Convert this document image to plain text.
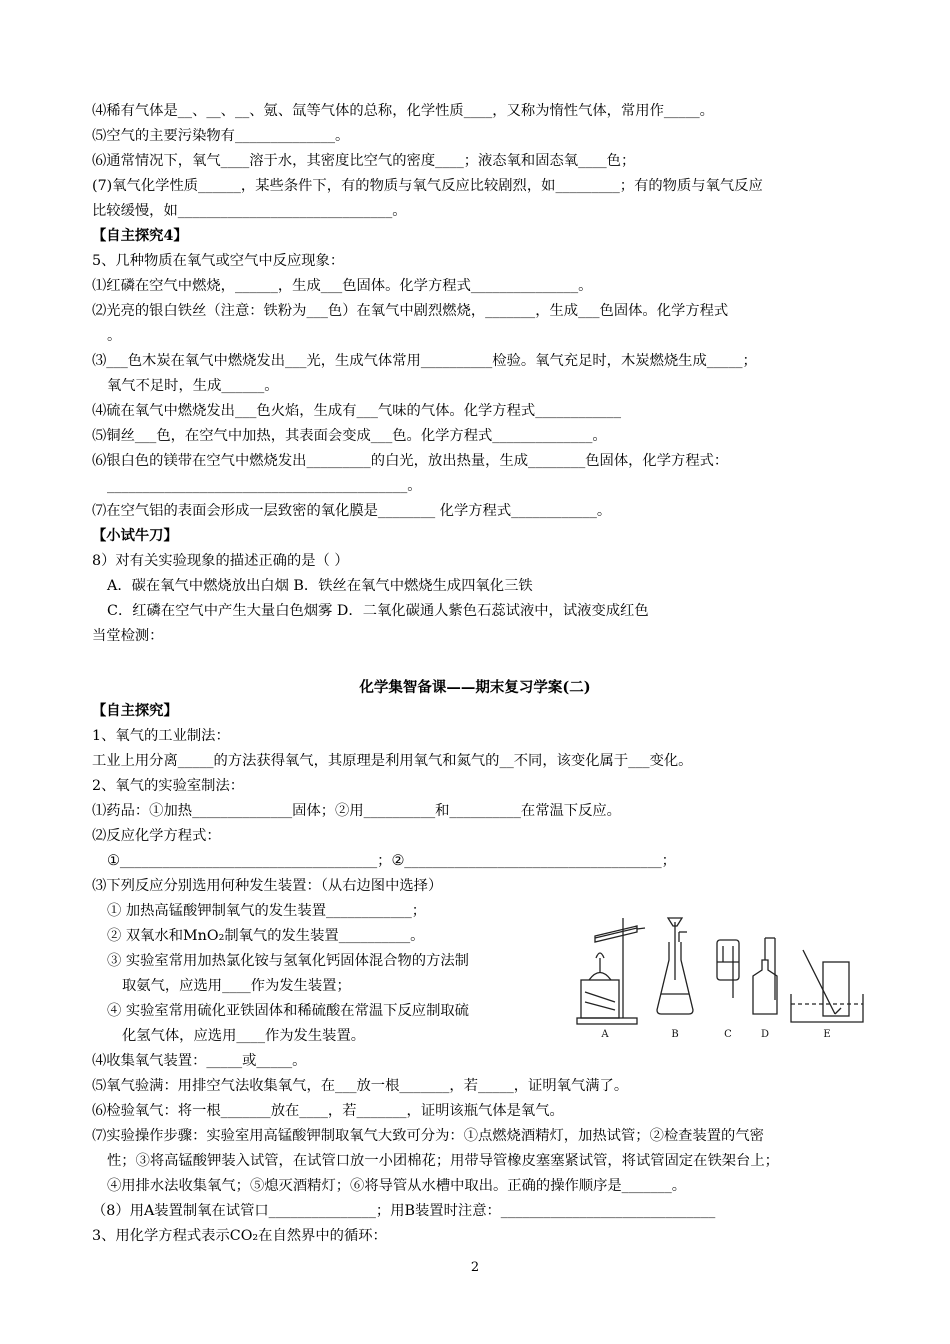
⑷稀有气体是__、__、__、氪、氙等气体的总称，化学性质____，又称为惰性气体，常用作_____。
⑸空气的主要污染物有______________。
⑹通常情况下，氧气____溶于水，其密度比空气的密度____；液态氧和固态氧____色；
(7)氧气化学性质______，某些条件下，有的物质与氧气反应比较剧烈，如_________；有的物质与氧气反应
比较缓慢，如______________________________。
【自主探究4】
5、几种物质在氧气或空气中反应现象：
⑴红磷在空气中燃烧，______，生成___色固体。化学方程式_______________。
⑵光亮的银白铁丝（注意：铁粉为___色）在氧气中剧烈燃烧，_______，生成___色固体。化学方程式
。
⑶___色木炭在氧气中燃烧发出___光，生成气体常用__________检验。氧气充足时，木炭燃烧生成_____；
氧气不足时，生成______。
⑷硫在氧气中燃烧发出___色火焰，生成有___气味的气体。化学方程式____________
⑸铜丝___色，在空气中加热，其表面会变成___色。化学方程式______________。
⑹银白色的镁带在空气中燃烧发出_________的白光，放出热量，生成________色固体，化学方程式：
__________________________________________。
⑺在空气铝的表面会形成一层致密的氧化膜是________ 化学方程式____________。
【小试牛刀】
8）对有关实验现象的描述正确的是（ ）
A．碳在氧气中燃烧放出白烟 B．铁丝在氧气中燃烧生成四氧化三铁
C．红磷在空气中产生大量白色烟雾 D．二氧化碳通人紫色石蕊试液中，试液变成红色
当堂检测：
化学集智备课——期末复习学案(二)
【自主探究】
1、氧气的工业制法：
工业上用分离_____的方法获得氧气，其原理是利用氧气和氮气的__不同，该变化属于___变化。
2、氧气的实验室制法：
⑴药品：①加热______________固体；②用__________和__________在常温下反应。
⑵反应化学方程式：
①____________________________________；②____________________________________；
⑶下列反应分别选用何种发生装置：（从右边图中选择）
① 加热高锰酸钾制氧气的发生装置____________；
② 双氧水和MnO₂制氧气的发生装置__________。
③ 实验室常用加热氯化铵与氢氧化钙固体混合物的方法制
取氨气，应选用____作为发生装置；
④ 实验室常用硫化亚铁固体和稀硫酸在常温下反应制取硫
化氢气体，应选用____作为发生装置。
⑷收集氧气装置：_____或_____。
⑸氧气验满：用排空气法收集氧气，在___放一根_______，若_____，证明氧气满了。
⑹检验氧气：将一根_______放在____，若_______，证明该瓶气体是氧气。
⑺实验操作步骤：实验室用高锰酸钾制取氧气大致可分为：①点燃烧酒精灯，加热试管；②检查装置的气密
性；③将高锰酸钾装入试管，在试管口放一小团棉花；用带导管橡皮塞塞紧试管，将试管固定在铁架台上；
④用排水法收集氧气；⑤熄灭酒精灯；⑥将导管从水槽中取出。正确的操作顺序是_______。
（8）用A装置制氧在试管口_______________；用B装置时注意：______________________________
3、用化学方程式表示CO₂在自然界中的循环：
A	B	C	D	E
2
